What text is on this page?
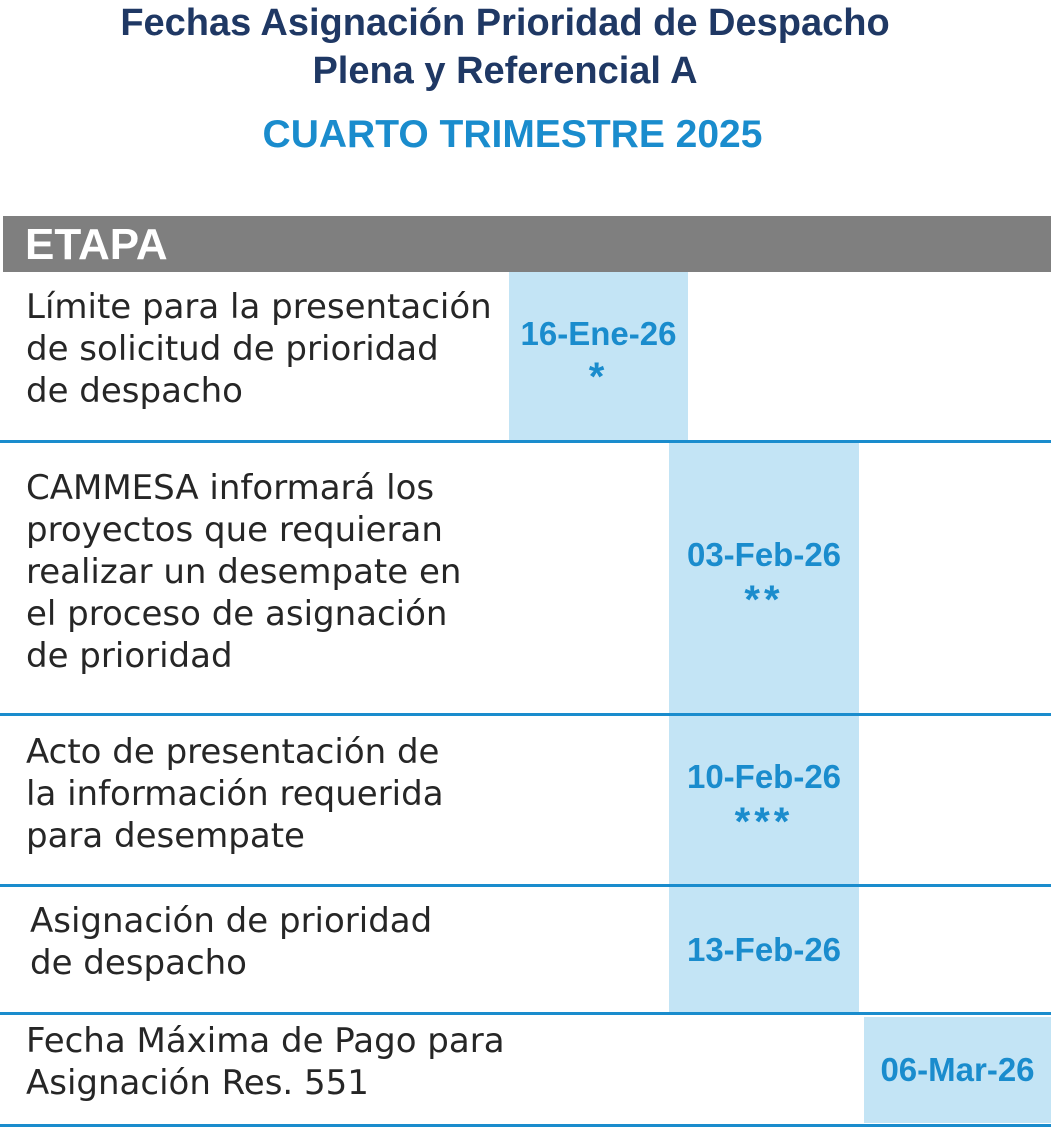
Fechas Asignación Prioridad de Despacho
Plena y Referencial A
CUARTO TRIMESTRE 2025
ETAPA
16-Ene-26
*
Límite para la presentación
de solicitud de prioridad
de despacho
03-Feb-26
**
CAMMESA informará los
proyectos que requieran
realizar un desempate en
el proceso de asignación
de prioridad
10-Feb-26
***
Acto de presentación de
la información requerida
para desempate
13-Feb-26
Asignación de prioridad
de despacho
06-Mar-26
Fecha Máxima de Pago para
Asignación Res. 551
